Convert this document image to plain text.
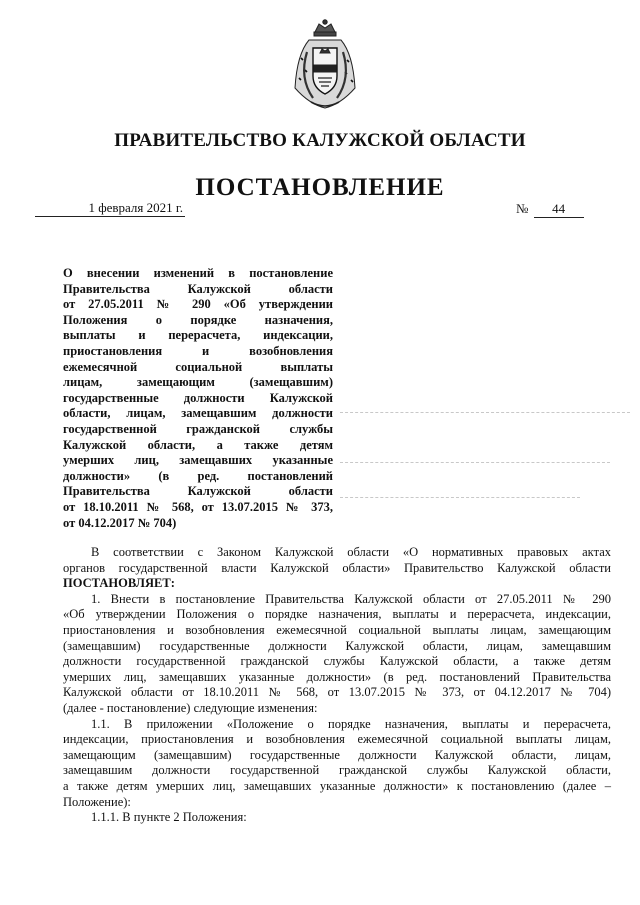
ПРАВИТЕЛЬСТВО КАЛУЖСКОЙ ОБЛАСТИ
ПОСТАНОВЛЕНИЕ
1 февраля 2021 г.	№ 44
О внесении изменений в постановление
Правительства Калужской области
от 27.05.2011 № 290 «Об утверждении
Положения о порядке назначения,
выплаты и перерасчета, индексации,
приостановления и возобновления
ежемесячной социальной выплаты
лицам, замещающим (замещавшим)
государственные должности Калужской
области, лицам, замещавшим должности
государственной гражданской службы
Калужской области, а также детям
умерших лиц, замещавших указанные
должности» (в ред. постановлений
Правительства Калужской области
от 18.10.2011 № 568, от 13.07.2015 № 373,
от 04.12.2017 № 704)
В соответствии с Законом Калужской области «О нормативных правовых актах
органов государственной власти Калужской области» Правительство Калужской области
ПОСТАНОВЛЯЕТ:
1. Внести в постановление Правительства Калужской области от 27.05.2011 № 290
«Об утверждении Положения о порядке назначения, выплаты и перерасчета, индексации,
приостановления и возобновления ежемесячной социальной выплаты лицам, замещающим
(замещавшим) государственные должности Калужской области, лицам, замещавшим
должности государственной гражданской службы Калужской области, а также детям
умерших лиц, замещавших указанные должности» (в ред. постановлений Правительства
Калужской области от 18.10.2011 № 568, от 13.07.2015 № 373, от 04.12.2017 № 704)
(далее - постановление) следующие изменения:
1.1. В приложении «Положение о порядке назначения, выплаты и перерасчета,
индексации, приостановления и возобновления ежемесячной социальной выплаты лицам,
замещающим (замещавшим) государственные должности Калужской области, лицам,
замещавшим должности государственной гражданской службы Калужской области,
а также детям умерших лиц, замещавших указанные должности» к постановлению (далее –
Положение):
1.1.1. В пункте 2 Положения:
